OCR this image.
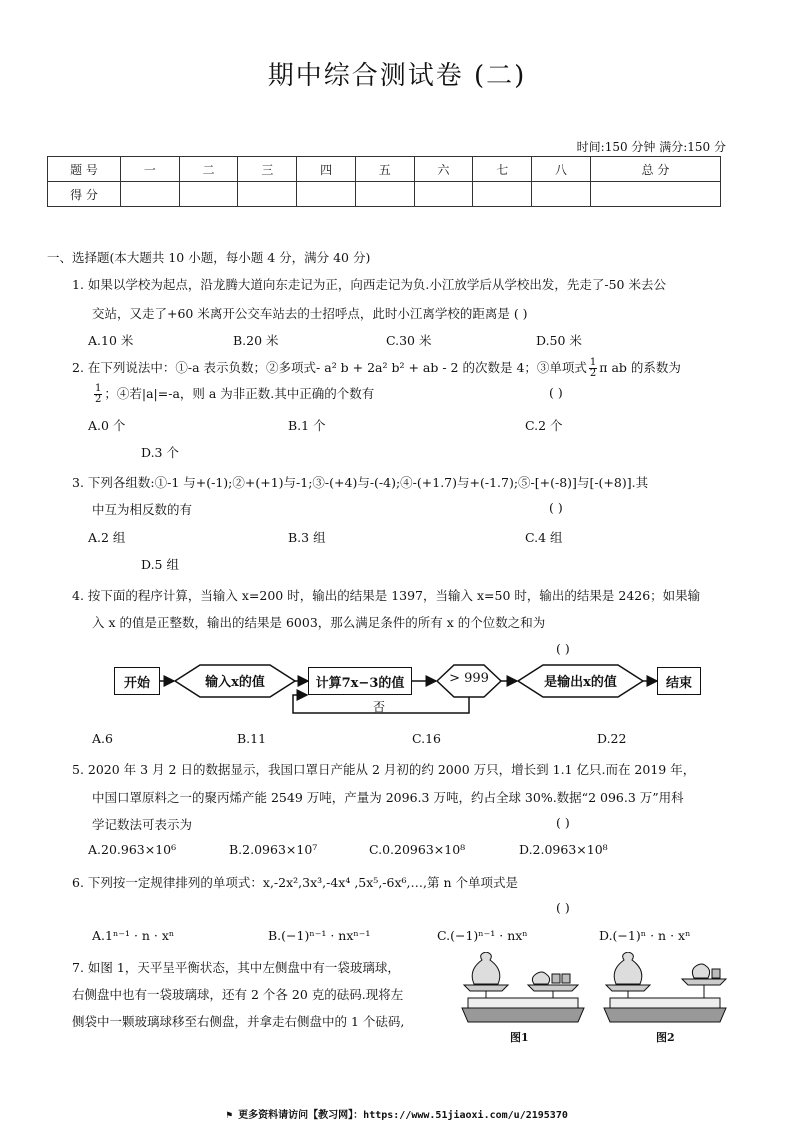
期中综合测试卷 (二)
时间:150 分钟 满分:150 分
题 号	一	二	三	四	五	六	七	八	总 分
得 分									
一、选择题(本大题共 10 小题，每小题 4 分，满分 40 分)
1. 如果以学校为起点，沿龙腾大道向东走记为正，向西走记为负.小江放学后从学校出发，先走了-50 米去公
交站，又走了+60 米离开公交车站去的士招呼点，此时小江离学校的距离是 ( )
A.10 米	B.20 米	C.30 米	D.50 米
2. 在下列说法中：①-a 表示负数；②多项式- a² b + 2a² b² + ab - 2 的次数是 4；③单项式 $\frac{1}{2}$ π ab 的系数为
$\frac{1}{2}$ ；④若|a|=-a，则 a 为非正数.其中正确的个数有	( )
A.0 个	B.1 个	C.2 个
D.3 个
3. 下列各组数:①-1 与+(-1);②+(+1)与-1;③-(+4)与-(-4);④-(+1.7)与+(-1.7);⑤-[+(-8)]与[-(+8)].其
中互为相反数的有	( )
A.2 组	B.3 组	C.4 组
D.5 组
4. 按下面的程序计算，当输入 x=200 时，输出的结果是 1397，当输入 x=50 时，输出的结果是 2426；如果输
入 x 的值是正整数，输出的结果是 6003，那么满足条件的所有 x 的个位数之和为
( )
开始	输入x的值	计算7x−3的值	> 999	是输出x的值	结束
否
A.6	B.11	C.16	D.22
5. 2020 年 3 月 2 日的数据显示，我国口罩日产能从 2 月初的约 2000 万只，增长到 1.1 亿只.而在 2019 年，
中国口罩原料之一的聚丙烯产能 2549 万吨，产量为 2096.3 万吨，约占全球 30%.数据“2 096.3 万”用科
学记数法可表示为	( )
A.20.963×10⁶	B.2.0963×10⁷	C.0.20963×10⁸	D.2.0963×10⁸
6. 下列按一定规律排列的单项式：x,-2x²,3x³,-4x⁴ ,5x⁵,-6x⁶,…,第 n 个单项式是
( )
A.1ⁿ⁻¹ · n · xⁿ	B.(−1)ⁿ⁻¹ · nxⁿ⁻¹	C.(−1)ⁿ⁻¹ · nxⁿ	D.(−1)ⁿ · n · xⁿ
7. 如图 1，天平呈平衡状态，其中左侧盘中有一袋玻璃球，
右侧盘中也有一袋玻璃球，还有 2 个各 20 克的砝码.现将左
侧袋中一颗玻璃球移至右侧盘，并拿走右侧盘中的 1 个砝码,
图1	图2
⚑ 更多资料请访问【教习网】：https://www.51jiaoxi.com/u/2195370
